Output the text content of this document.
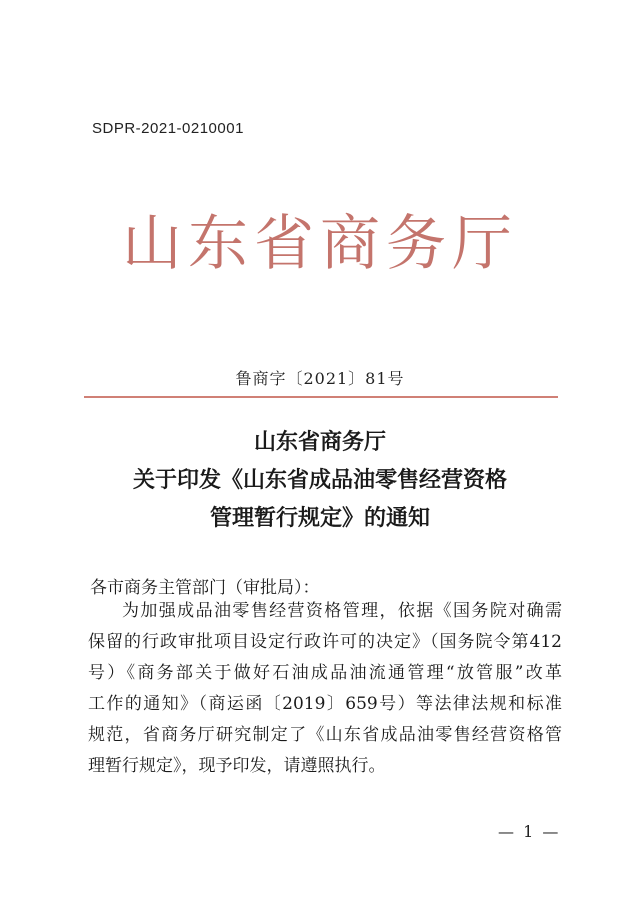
SDPR-2021-0210001
山东省商务厅
鲁商字〔2021〕81号
山东省商务厅
关于印发《山东省成品油零售经营资格
管理暂行规定》的通知
各市商务主管部门（审批局）：
为加强成品油零售经营资格管理，依据《国务院对确需
保留的行政审批项目设定行政许可的决定》（国务院令第412
号）《商务部关于做好石油成品油流通管理“放管服”改革
工作的通知》（商运函〔2019〕659号）等法律法规和标准
规范，省商务厅研究制定了《山东省成品油零售经营资格管
理暂行规定》，现予印发，请遵照执行。
— 1 —
